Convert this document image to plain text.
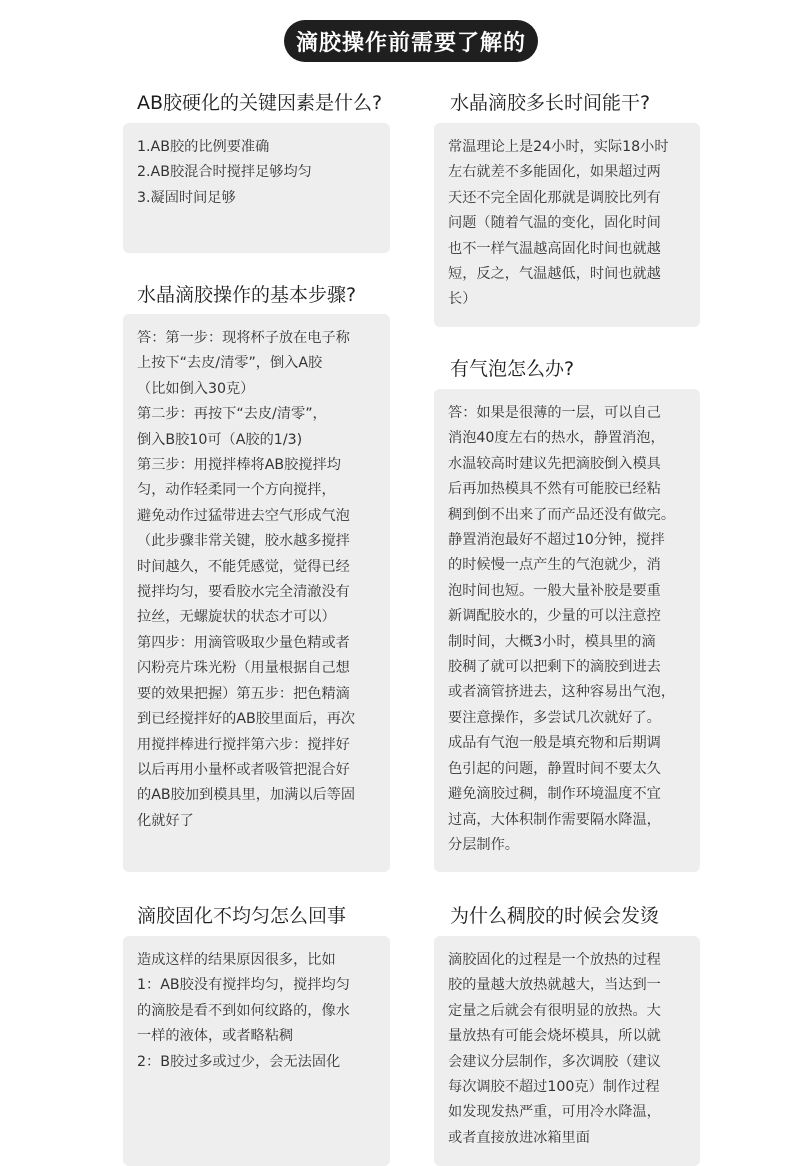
滴胶操作前需要了解的
AB胶硬化的关键因素是什么?
1.AB胶的比例要准确
2.AB胶混合时搅拌足够均匀
3.凝固时间足够
水晶滴胶多长时间能干?
常温理论上是24小时，实际18小时
左右就差不多能固化，如果超过两
天还不完全固化那就是调胶比列有
问题（随着气温的变化，固化时间
也不一样气温越高固化时间也就越
短，反之，气温越低，时间也就越
长）
水晶滴胶操作的基本步骤?
答：第一步：现将杯子放在电子称
上按下“去皮/清零”，倒入A胶
（比如倒入30克）
第二步：再按下“去皮/清零”，
倒入B胶10可（A胶的1/3)
第三步：用搅拌棒将AB胶搅拌均
匀，动作轻柔同一个方向搅拌，
避免动作过猛带进去空气形成气泡
（此步骤非常关键，胶水越多搅拌
时间越久，不能凭感觉，觉得已经
搅拌均匀，要看胶水完全清澈没有
拉丝，无螺旋状的状态才可以）
第四步：用滴管吸取少量色精或者
闪粉亮片珠光粉（用量根据自己想
要的效果把握）第五步：把色精滴
到已经搅拌好的AB胶里面后，再次
用搅拌棒进行搅拌第六步：搅拌好
以后再用小量杯或者吸管把混合好
的AB胶加到模具里，加满以后等固
化就好了
有气泡怎么办?
答：如果是很薄的一层，可以自己
消泡40度左右的热水，静置消泡，
水温较高时建议先把滴胶倒入模具
后再加热模具不然有可能胶已经粘
稠到倒不出来了而产品还没有做完。
静置消泡最好不超过10分钟，搅拌
的时候慢一点产生的气泡就少，消
泡时间也短。一般大量补胶是要重
新调配胶水的，少量的可以注意控
制时间，大概3小时，模具里的滴
胶稠了就可以把剩下的滴胶到进去
或者滴管挤进去，这种容易出气泡，
要注意操作，多尝试几次就好了。
成品有气泡一般是填充物和后期调
色引起的问题，静置时间不要太久
避免滴胶过稠，制作环境温度不宜
过高，大体积制作需要隔水降温，
分层制作。
滴胶固化不均匀怎么回事
造成这样的结果原因很多，比如
1：AB胶没有搅拌均匀，搅拌均匀
的滴胶是看不到如何纹路的，像水
一样的液体，或者略粘稠
2：B胶过多或过少，会无法固化
为什么稠胶的时候会发烫
滴胶固化的过程是一个放热的过程
胶的量越大放热就越大，当达到一
定量之后就会有很明显的放热。大
量放热有可能会烧坏模具，所以就
会建议分层制作，多次调胶（建议
每次调胶不超过100克）制作过程
如发现发热严重，可用冷水降温，
或者直接放进冰箱里面
